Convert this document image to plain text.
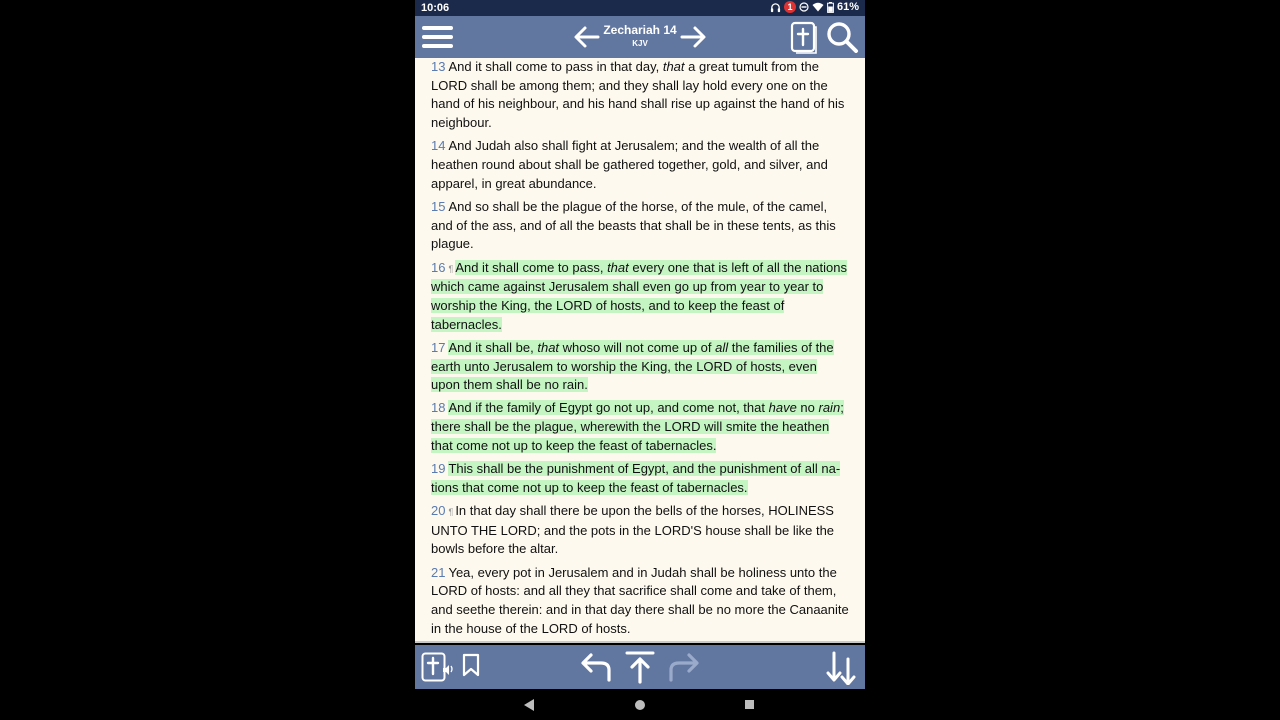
10:06	1	61%
Zechariah 14
KJV

13 And it shall come to pass in that day, that a great tumult from the LORD shall be among them; and they shall lay hold every one on the hand of his neighbour, and his hand shall rise up against the hand of his neighbour.

14 And Judah also shall fight at Jerusalem; and the wealth of all the heathen round about shall be gathered together, gold, and silver, and apparel, in great abundance.

15 And so shall be the plague of the horse, of the mule, of the camel, and of the ass, and of all the beasts that shall be in these tents, as this plague.

16 ¶ And it shall come to pass, that every one that is left of all the nations which came against Jerusalem shall even go up from year to year to worship the King, the LORD of hosts, and to keep the feast of tabernacles.

17 And it shall be, that whoso will not come up of all the families of the earth unto Jerusalem to worship the King, the LORD of hosts, even upon them shall be no rain.

18 And if the family of Egypt go not up, and come not, that have no rain; there shall be the plague, wherewith the LORD will smite the heathen that come not up to keep the feast of tabernacles.

19 This shall be the punishment of Egypt, and the punishment of all nations that come not up to keep the feast of tabernacles.

20 ¶ In that day shall there be upon the bells of the horses, HOLINESS UNTO THE LORD; and the pots in the LORD'S house shall be like the bowls before the altar.

21 Yea, every pot in Jerusalem and in Judah shall be holiness unto the LORD of hosts: and all they that sacrifice shall come and take of them, and seethe therein: and in that day there shall be no more the Canaanite in the house of the LORD of hosts.
